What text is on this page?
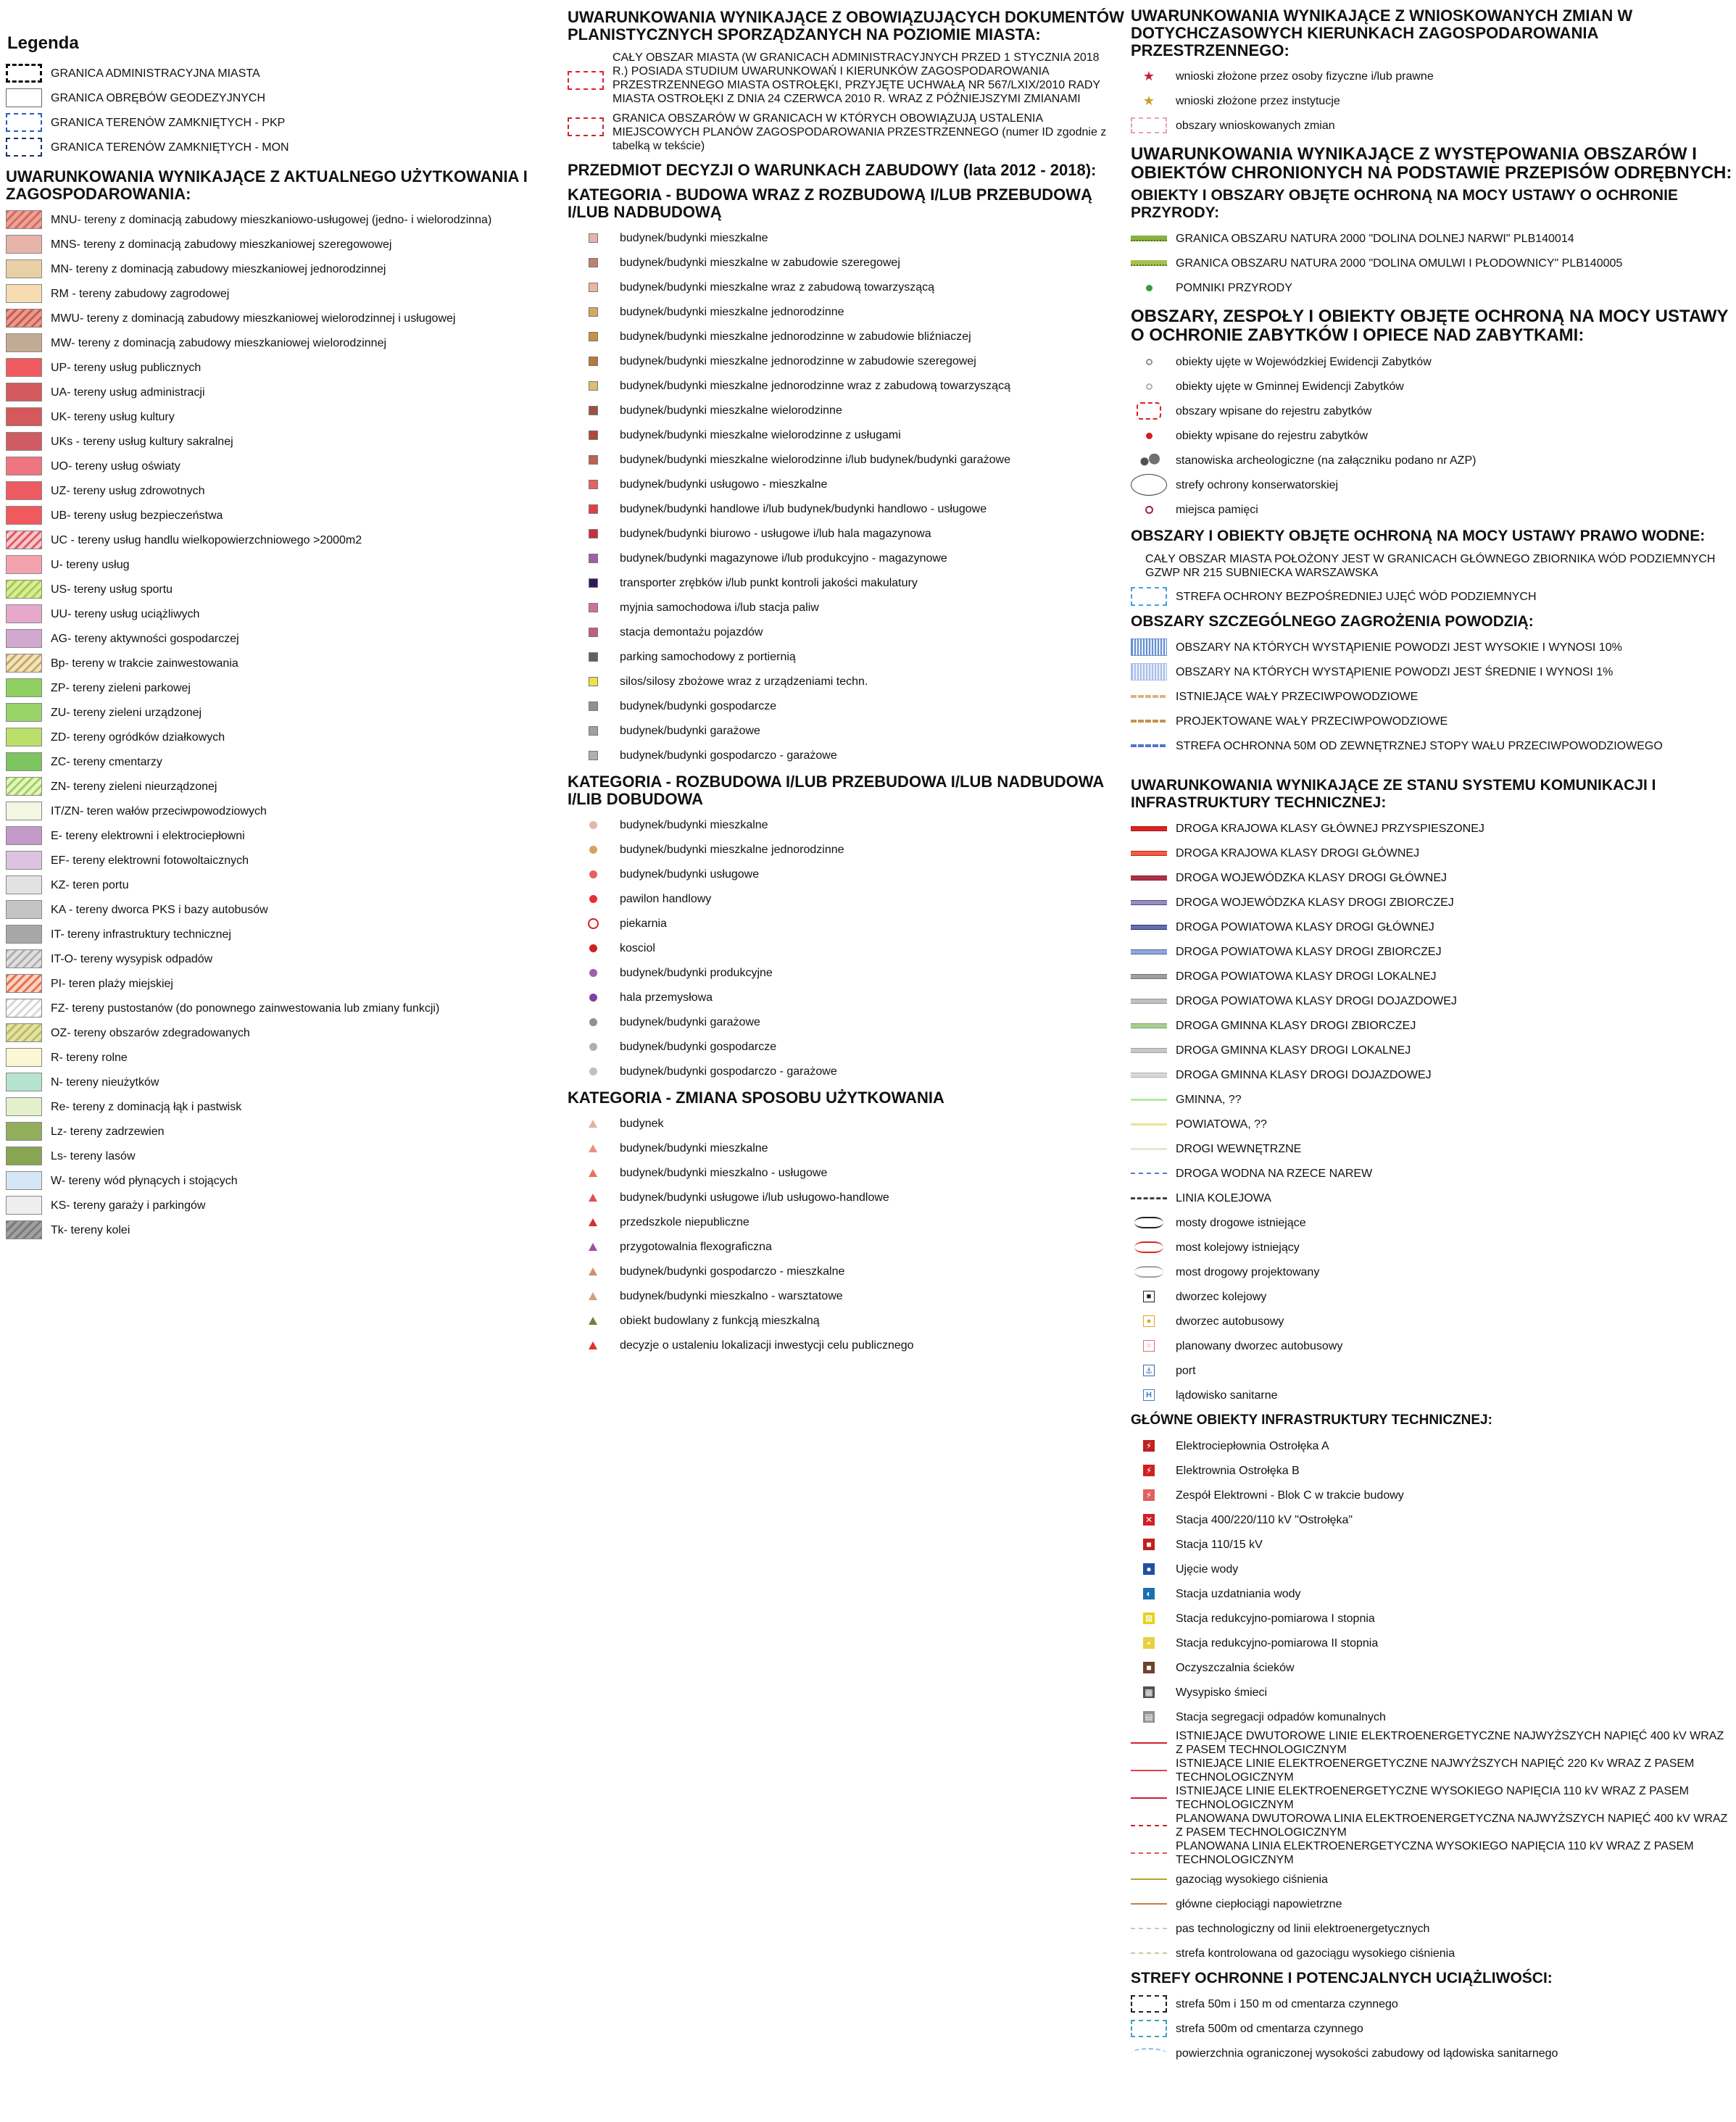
Legenda
GRANICA ADMINISTRACYJNA MIASTA
GRANICA OBRĘBÓW GEODEZYJNYCH
GRANICA TERENÓW ZAMKNIĘTYCH - PKP
GRANICA TERENÓW ZAMKNIĘTYCH - MON
UWARUNKOWANIA WYNIKAJĄCE Z AKTUALNEGO UŻYTKOWANIA I ZAGOSPODAROWANIA:
MNU- tereny z dominacją zabudowy mieszkaniowo-usługowej (jedno- i wielorodzinna)
MNS- tereny z dominacją zabudowy mieszkaniowej szeregowowej
MN- tereny z dominacją zabudowy mieszkaniowej jednorodzinnej
RM - tereny zabudowy zagrodowej
MWU- tereny z dominacją zabudowy mieszkaniowej wielorodzinnej i usługowej
MW- tereny z dominacją zabudowy mieszkaniowej wielorodzinnej
UP- tereny usług publicznych
UA- tereny usług administracji
UK- tereny usług kultury
UKs - tereny usług kultury sakralnej
UO- tereny usług oświaty
UZ- tereny usług zdrowotnych
UB- tereny usług bezpieczeństwa
UC - tereny usług handlu wielkopowierzchniowego >2000m2
U- tereny usług
US- tereny usług sportu
UU- tereny usług uciążliwych
AG- tereny aktywności gospodarczej
Bp- tereny w trakcie zainwestowania
ZP- tereny zieleni parkowej
ZU- tereny zieleni urządzonej
ZD- tereny ogródków działkowych
ZC- tereny cmentarzy
ZN- tereny zieleni nieurządzonej
IT/ZN- teren wałów przeciwpowodziowych
E- tereny elektrowni i elektrociepłowni
EF- tereny elektrowni fotowoltaicznych
KZ- teren portu
KA - tereny dworca PKS i bazy autobusów
IT- tereny infrastruktury technicznej
IT-O- tereny wysypisk odpadów
PI- teren plaży miejskiej
FZ- tereny pustostanów (do ponownego zainwestowania lub zmiany funkcji)
OZ- tereny obszarów zdegradowanych
R- tereny rolne
N- tereny nieużytków
Re- tereny z dominacją łąk i pastwisk
Lz- tereny zadrzewien
Ls- tereny lasów
W- tereny wód płynących i stojących
KS- tereny garaży i parkingów
Tk- tereny kolei
UWARUNKOWANIA WYNIKAJĄCE Z OBOWIĄZUJĄCYCH DOKUMENTÓW PLANISTYCZNYCH SPORZĄDZANYCH NA POZIOMIE MIASTA:
CAŁY OBSZAR MIASTA (W GRANICACH ADMINISTRACYJNYCH PRZED 1 STYCZNIA 2018 R.) POSIADA STUDIUM UWARUNKOWAŃ I KIERUNKÓW ZAGOSPODAROWANIA PRZESTRZENNEGO MIASTA OSTROŁĘKI, PRZYJĘTE UCHWAŁĄ NR 567/LXIX/2010 RADY MIASTA OSTROŁĘKI Z DNIA 24 CZERWCA 2010 R. WRAZ Z PÓŹNIEJSZYMI ZMIANAMI
GRANICA OBSZARÓW W GRANICACH W KTÓRYCH OBOWIĄZUJĄ USTALENIA MIEJSCOWYCH PLANÓW ZAGOSPODAROWANIA PRZESTRZENNEGO (numer ID zgodnie z tabelką w tekście)
PRZEDMIOT DECYZJI O WARUNKACH ZABUDOWY (lata 2012 - 2018):
KATEGORIA - BUDOWA WRAZ Z ROZBUDOWĄ I/LUB PRZEBUDOWĄ I/LUB NADBUDOWĄ
budynek/budynki mieszkalne
budynek/budynki mieszkalne w zabudowie szeregowej
budynek/budynki mieszkalne wraz z zabudową towarzyszącą
budynek/budynki mieszkalne jednorodzinne
budynek/budynki mieszkalne jednorodzinne w zabudowie bliźniaczej
budynek/budynki mieszkalne jednorodzinne w zabudowie szeregowej
budynek/budynki mieszkalne jednorodzinne wraz z zabudową towarzyszącą
budynek/budynki mieszkalne wielorodzinne
budynek/budynki mieszkalne wielorodzinne z usługami
budynek/budynki mieszkalne wielorodzinne i/lub budynek/budynki garażowe
budynek/budynki usługowo - mieszkalne
budynek/budynki handlowe i/lub budynek/budynki handlowo - usługowe
budynek/budynki biurowo - usługowe i/lub hala magazynowa
budynek/budynki magazynowe i/lub produkcyjno - magazynowe
transporter zrębków i/lub punkt kontroli jakości makulatury
myjnia samochodowa i/lub stacja paliw
stacja demontażu pojazdów
parking samochodowy z portiernią
silos/silosy zbożowe wraz z urządzeniami techn.
budynek/budynki gospodarcze
budynek/budynki garażowe
budynek/budynki gospodarczo - garażowe
KATEGORIA - ROZBUDOWA I/LUB PRZEBUDOWA I/LUB NADBUDOWA I/LIB DOBUDOWA
budynek/budynki mieszkalne
budynek/budynki mieszkalne jednorodzinne
budynek/budynki usługowe
pawilon handlowy
piekarnia
kosciol
budynek/budynki produkcyjne
hala przemysłowa
budynek/budynki garażowe
budynek/budynki gospodarcze
budynek/budynki gospodarczo - garażowe
KATEGORIA - ZMIANA SPOSOBU UŻYTKOWANIA
budynek
budynek/budynki mieszkalne
budynek/budynki mieszkalno - usługowe
budynek/budynki usługowe i/lub usługowo-handlowe
przedszkole niepubliczne
przygotowalnia flexograficzna
budynek/budynki gospodarczo - mieszkalne
budynek/budynki mieszkalno - warsztatowe
obiekt budowlany z funkcją mieszkalną
decyzje o ustaleniu lokalizacji inwestycji celu publicznego
UWARUNKOWANIA WYNIKAJĄCE Z WNIOSKOWANYCH ZMIAN W DOTYCHCZASOWYCH KIERUNKACH ZAGOSPODAROWANIA PRZESTRZENNEGO:
★ wnioski złożone przez osoby fizyczne i/lub prawne
★ wnioski złożone przez instytucje
obszary wnioskowanych zmian
UWARUNKOWANIA WYNIKAJĄCE Z WYSTĘPOWANIA OBSZARÓW I OBIEKTÓW CHRONIONYCH NA PODSTAWIE PRZEPISÓW ODRĘBNYCH:
OBIEKTY I OBSZARY OBJĘTE OCHRONĄ NA MOCY USTAWY O OCHRONIE PRZYRODY:
GRANICA OBSZARU NATURA 2000 "DOLINA DOLNEJ NARWI" PLB140014
GRANICA OBSZARU NATURA 2000 "DOLINA OMULWI I PŁODOWNICY" PLB140005
POMNIKI PRZYRODY
OBSZARY, ZESPOŁY I OBIEKTY OBJĘTE OCHRONĄ NA MOCY USTAWY O OCHRONIE ZABYTKÓW I OPIECE NAD ZABYTKAMI:
obiekty ujęte w Wojewódzkiej Ewidencji Zabytków
obiekty ujęte w Gminnej Ewidencji Zabytków
obszary wpisane do rejestru zabytków
obiekty wpisane do rejestru zabytków
stanowiska archeologiczne (na załączniku podano nr AZP)
strefy ochrony konserwatorskiej
miejsca pamięci
OBSZARY I OBIEKTY OBJĘTE OCHRONĄ NA MOCY USTAWY PRAWO WODNE:
CAŁY OBSZAR MIASTA POŁOŻONY JEST W GRANICACH GŁÓWNEGO ZBIORNIKA WÓD PODZIEMNYCH GZWP NR 215 SUBNIECKA WARSZAWSKA
STREFA OCHRONY BEZPOŚREDNIEJ UJĘĆ WÓD PODZIEMNYCH
OBSZARY SZCZEGÓLNEGO ZAGROŻENIA POWODZIĄ:
OBSZARY NA KTÓRYCH WYSTĄPIENIE POWODZI JEST WYSOKIE I WYNOSI 10%
OBSZARY NA KTÓRYCH WYSTĄPIENIE POWODZI JEST ŚREDNIE I WYNOSI 1%
ISTNIEJĄCE WAŁY PRZECIWPOWODZIOWE
PROJEKTOWANE WAŁY PRZECIWPOWODZIOWE
STREFA OCHRONNA 50M OD ZEWNĘTRZNEJ STOPY WAŁU PRZECIWPOWODZIOWEGO
UWARUNKOWANIA WYNIKAJĄCE ZE STANU SYSTEMU KOMUNIKACJI I INFRASTRUKTURY TECHNICZNEJ:
DROGA KRAJOWA KLASY GŁÓWNEJ PRZYSPIESZONEJ
DROGA KRAJOWA KLASY DROGI GŁÓWNEJ
DROGA WOJEWÓDZKA KLASY DROGI GŁÓWNEJ
DROGA WOJEWÓDZKA KLASY DROGI ZBIORCZEJ
DROGA POWIATOWA KLASY DROGI GŁÓWNEJ
DROGA POWIATOWA KLASY DROGI ZBIORCZEJ
DROGA POWIATOWA KLASY DROGI LOKALNEJ
DROGA POWIATOWA KLASY DROGI DOJAZDOWEJ
DROGA GMINNA KLASY DROGI ZBIORCZEJ
DROGA GMINNA KLASY DROGI LOKALNEJ
DROGA GMINNA KLASY DROGI DOJAZDOWEJ
GMINNA, ??
POWIATOWA, ??
DROGI WEWNĘTRZNE
DROGA WODNA NA RZECE NAREW
LINIA KOLEJOWA
mosty drogowe istniejące
most kolejowy istniejący
most drogowy projektowany
■ dworzec kolejowy
● dworzec autobusowy
○ planowany dworzec autobusowy
⚓ port
H lądowisko sanitarne
GŁÓWNE OBIEKTY INFRASTRUKTURY TECHNICZNEJ:
⚡ Elektrociepłownia Ostrołęka A
⚡ Elektrownia Ostrołęka B
⚡ Zespół Elektrowni - Blok C w trakcie budowy
✕ Stacja 400/220/110 kV "Ostrołęka"
■ Stacja 110/15 kV
● Ujęcie wody
◐ Stacja uzdatniania wody
⊠ Stacja redukcyjno-pomiarowa I stopnia
▪	Stacja redukcyjno-pomiarowa II stopnia
■ Oczyszczalnia ścieków
▦ Wysypisko śmieci
▤ Stacja segregacji odpadów komunalnych
ISTNIEJĄCE DWUTOROWE LINIE ELEKTROENERGETYCZNE NAJWYŻSZYCH NAPIĘĆ 400 kV WRAZ Z PASEM TECHNOLOGICZNYM
ISTNIEJĄCE LINIE ELEKTROENERGETYCZNE NAJWYŻSZYCH NAPIĘĆ 220 Kv WRAZ Z PASEM TECHNOLOGICZNYM
ISTNIEJĄCE LINIE ELEKTROENERGETYCZNE WYSOKIEGO NAPIĘCIA 110 kV WRAZ Z PASEM TECHNOLOGICZNYM
PLANOWANA DWUTOROWA LINIA ELEKTROENERGETYCZNA NAJWYŻSZYCH NAPIĘĆ 400 kV WRAZ Z PASEM TECHNOLOGICZNYM
PLANOWANA LINIA ELEKTROENERGETYCZNA WYSOKIEGO NAPIĘCIA 110 kV WRAZ Z PASEM TECHNOLOGICZNYM
gazociąg wysokiego ciśnienia
główne ciepłociągi napowietrzne
pas technologiczny od linii elektroenergetycznych
strefa kontrolowana od gazociągu wysokiego ciśnienia
STREFY OCHRONNE I POTENCJALNYCH UCIĄŻLIWOŚCI:
strefa 50m i 150 m od cmentarza czynnego
strefa 500m od cmentarza czynnego
powierzchnia ograniczonej wysokości zabudowy od lądowiska sanitarnego
